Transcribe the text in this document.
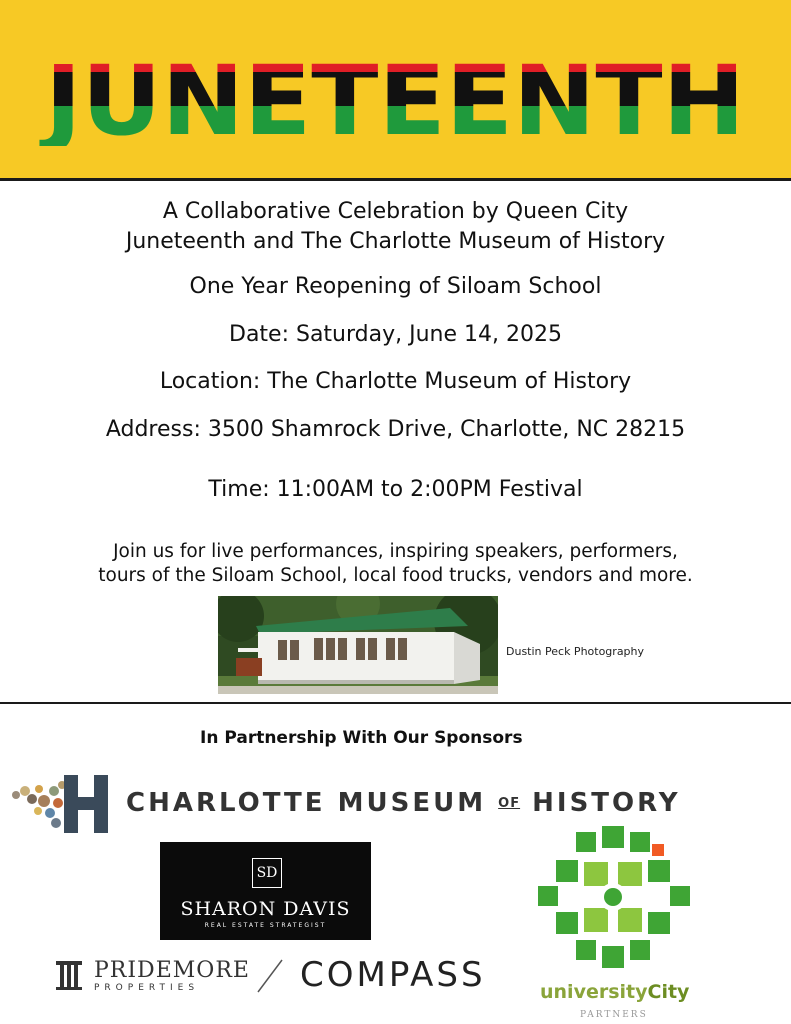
A Collaborative Celebration by Queen City
Juneteenth and The Charlotte Museum of History
One Year Reopening of Siloam School
Date: Saturday, June 14, 2025
Location: The Charlotte Museum of History
Address: 3500 Shamrock Drive, Charlotte, NC 28215
Time: 11:00AM to 2:00PM Festival
Join us for live performances, inspiring speakers, performers,
tours of the Siloam School, local food trucks, vendors and more.
Dustin Peck Photography
In Partnership With Our Sponsors
CHARLOTTE MUSEUM OF HISTORY
SD
SHARON DAVIS
REAL ESTATE STRATEGIST
PRIDEMORE
PROPERTIES	COMPASS	universityCity
PARTNERS
